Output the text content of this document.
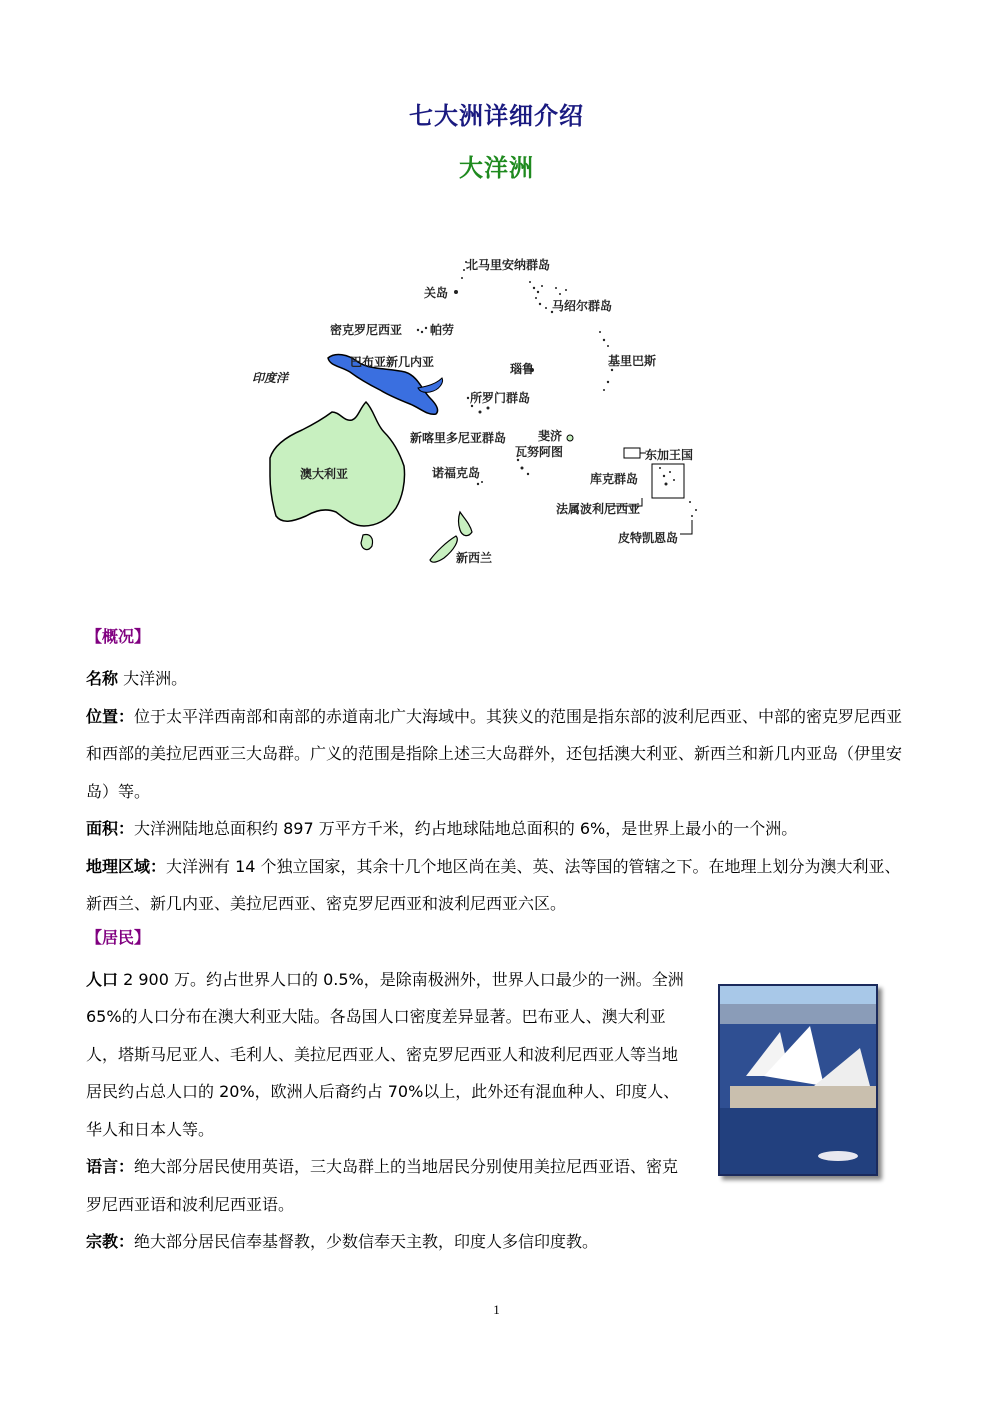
七大洲详细介绍
大洋洲
北马里安纳群岛
关岛
马绍尔群岛
密克罗尼西亚 帕劳
巴布亚新几内亚
印度洋
基里巴斯
瑙鲁
所罗门群岛
新喀里多尼亚群岛	斐济
瓦努阿图	东加王国
澳大利亚	诺福克岛	库克群岛
法属波利尼西亚
皮特凯恩岛
新西兰
【概况】
名称 大洋洲。
位置：位于太平洋西南部和南部的赤道南北广大海域中。其狭义的范围是指东部的波利尼西亚、中部的密克罗尼西亚和西部的美拉尼西亚三大岛群。广义的范围是指除上述三大岛群外，还包括澳大利亚、新西兰和新几内亚岛（伊里安岛）等。
面积：大洋洲陆地总面积约 897 万平方千米，约占地球陆地总面积的 6%，是世界上最小的一个洲。
地理区域：大洋洲有 14 个独立国家，其余十几个地区尚在美、英、法等国的管辖之下。在地理上划分为澳大利亚、新西兰、新几内亚、美拉尼西亚、密克罗尼西亚和波利尼西亚六区。
【居民】
人口 2 900 万。约占世界人口的 0.5%，是除南极洲外，世界人口最少的一洲。全洲 65%的人口分布在澳大利亚大陆。各岛国人口密度差异显著。巴布亚人、澳大利亚人，塔斯马尼亚人、毛利人、美拉尼西亚人、密克罗尼西亚人和波利尼西亚人等当地居民约占总人口的 20%，欧洲人后裔约占 70%以上，此外还有混血种人、印度人、华人和日本人等。
语言：绝大部分居民使用英语，三大岛群上的当地居民分别使用美拉尼西亚语、密克罗尼西亚语和波利尼西亚语。
宗教：绝大部分居民信奉基督教，少数信奉天主教，印度人多信印度教。
1
